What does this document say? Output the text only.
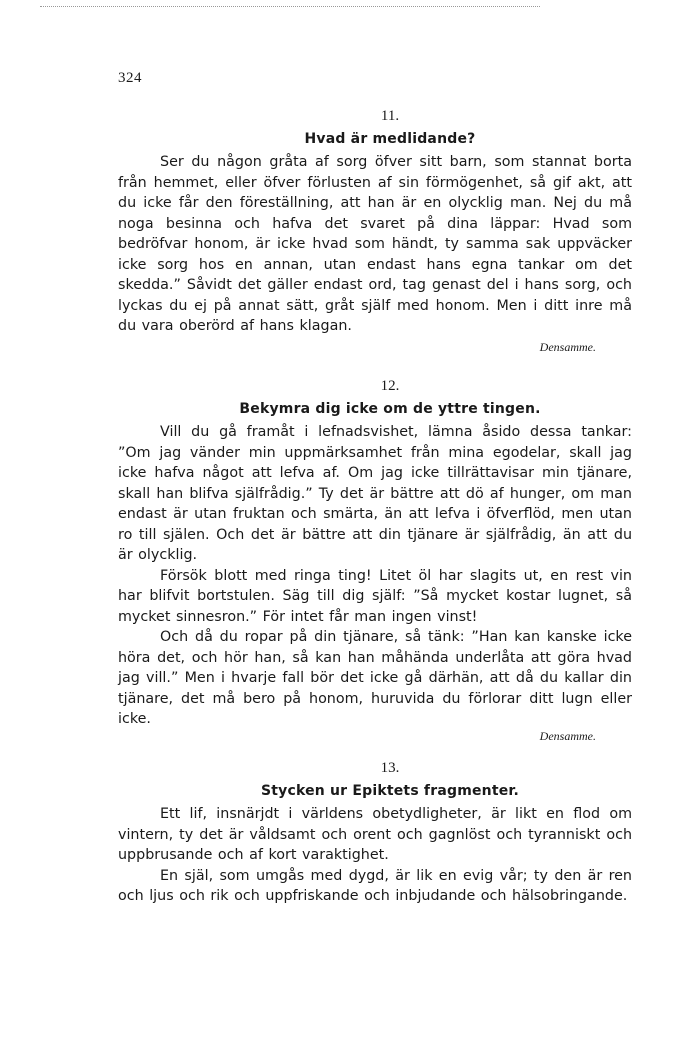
324
11.
Hvad är medlidande?

Ser du någon gråta af sorg öfver sitt barn, som stannat borta från hemmet, eller öfver förlusten af sin förmögenhet, så gif akt, att du icke får den föreställning, att han är en olycklig man. Nej du må noga besinna och hafva det svaret på dina läppar: Hvad som bedröfvar honom, är icke hvad som händt, ty samma sak uppväcker icke sorg hos en annan, utan endast hans egna tankar om det skedda.” Såvidt det gäller endast ord, tag genast del i hans sorg, och lyckas du ej på annat sätt, gråt själf med honom. Men i ditt inre må du vara oberörd af hans klagan.

Densamme.
12.
Bekymra dig icke om de yttre tingen.

Vill du gå framåt i lefnadsvishet, lämna åsido dessa tankar: ”Om jag vänder min uppmärksamhet från mina egodelar, skall jag icke hafva något att lefva af. Om jag icke tillrättavisar min tjänare, skall han blifva själfrådig.” Ty det är bättre att dö af hunger, om man endast är utan fruktan och smärta, än att lefva i öfverflöd, men utan ro till själen. Och det är bättre att din tjänare är själfrådig, än att du är olycklig.

Försök blott med ringa ting! Litet öl har slagits ut, en rest vin har blifvit bortstulen. Säg till dig själf: ”Så mycket kostar lugnet, så mycket sinnesron.” För intet får man ingen vinst!

Och då du ropar på din tjänare, så tänk: ”Han kan kanske icke höra det, och hör han, så kan han måhända underlåta att göra hvad jag vill.” Men i hvarje fall bör det icke gå därhän, att då du kallar din tjänare, det må bero på honom, huruvida du förlorar ditt lugn eller icke.

Densamme.
13.
Stycken ur Epiktets fragmenter.

Ett lif, insnärjdt i världens obetydligheter, är likt en flod om vintern, ty det är våldsamt och orent och gagnlöst och tyranniskt och uppbrusande och af kort varaktighet.

En själ, som umgås med dygd, är lik en evig vår; ty den är ren och ljus och rik och uppfriskande och inbjudande och hälsobringande.
